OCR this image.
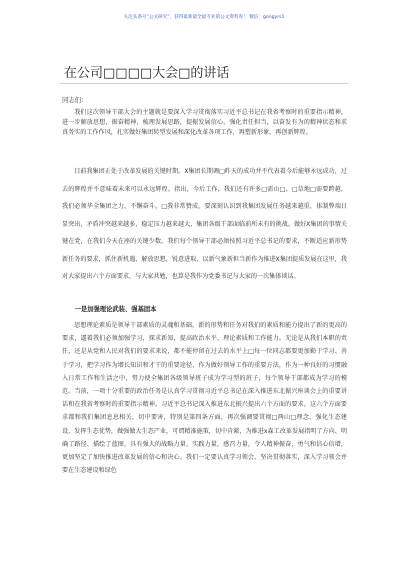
关注头条号“公文研究”，获得最新最全最专业的公文资料库！ 微信：gongyrs1
在公司□□□□大会□的讲话
同志们：

我们这次领导干部大会的主题就是要深入学习贯彻落实习近平总书记在我省考察时的重要指示精神，进一步解放思想，振奋精神，梳理发展思路，提振发展信心，强化责任担当，以奋发有为的精神状态和求真务实的工作作风，扎实做好集团转型发展和深化改革各项工作，再塑新形象，再创新辉煌。

目前我集团正处于改革发展的关键时期。X集团长期调□昨天的成功并不代表着今后能够永远成功，过去的辉煌并不意味着未来可以永远辉煌。指出，今后工作，我们还有许多□需山□、□草地□需要跨越，我们必须毕全集团之力，不懈奋斗。□我非常赞成。要深刻认识到我集团发展任务越来越重，体制弊端日显突出，矛盾冲突越来越多，稳定压力越来越大，集团各级干部面临前所未有的挑战。做好X集团的事情关键在党，在我们今天在座的关键少数。我们每个领导干部必须按照习近平总书记的要求，不断适应新形势新任务的要求，抓住新机遇，解放思想，锐意进取，以新气象新担当新作为推进X集团提质发展在这里，我对大家提出六个方面要求，与大家共勉，也算是我作为党委书记与大家的一次集体谈话。

一是加强理论武装、强基固本

思想理论素质是领导干部素质的灵魂和基础，新的形势和任务对我们的素质和能力提出了新的更高的要求，逼着我们必须加强学习，探求新知，提高政治水平、理论素质和工作能力。无论是从我们本职的责任，还是从党和人民对我们的要求来说，都不能停留在过去的水平上□每一位同志都要更加勤于学习、善于学习，把学习作为增长知识和才干的重要途径，作为做好领导工作的重要方法，作为一种良好的习惯融入日常工作和生活之中，努力使全集团各级领导班子成为学习型的班子，每个领导干部都成为学习的模范。当前，一项十分重要的政治任务是认真学习贯彻习近平总书记在深入推进东北振兴座谈会上的重要讲话和在我省考察时的重要指示精神。习近平总书记深入推进东北振兴提出六个方面的要求。这六个方面要求都和我们集团息息相关，切中要害，特别是第四条方面，再次强调要贯彻□两山□理念，强化生态建设，发挥生态优势，做强做大生态产业，可谓精准施策，切中肯綮，为推进x森工改革发展指明了方向、明确了路径、描绘了蓝图，具有强大的战略力量、实践力量，感召力量，令人精神振奋，勇气和信心倍增，更加坚定了加快推进改革发展的信心和决心。我们一定要认真学习领会、坚决贯彻落实，深入学习领会并要在生态建设和绿色
